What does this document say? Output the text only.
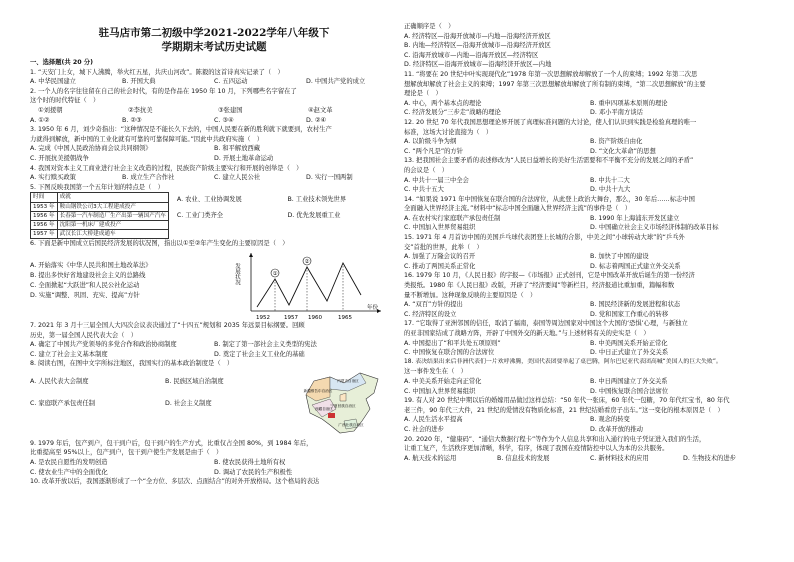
驻马店市第二初级中学2021-2022学年八年级下
学期期末考试历史试题
一、选择题(共 20 分)
1. “天安门上女，城下人沸腾，举火红五星，共庆山河改”。陈毅的这首诗真实记录了（　）
A. 中华民国建立	B. 开国大典	C. 五四运动	D. 中国共产党的成立
2. 一个人的名字往往留在自己的社会时代，有的是作品在 1950 年 10 月，下列哪些名字留在了
这个时的时代特征（　）
①刘援朝	②李抗美	③张建国	④赵文革
A. ①②	B. ②③	C. ③④	D. ②④
3. 1950 年 6 月，刘少奇指出：“这种情况是不能长久下去的，中国人民要在新的胜利就下就要到，农村生产
力就得到解放，新中国的工业化就有可靠的可靠保障可能。”因此中共政府实施（　）
A. 完成《中国人民政治协商会议共同纲领》	B. 和平解放西藏
C. 开展抗美援朝战争	D. 开展土地革命运动
4. 我国对资本主义工商业进行社会主义改造的过程，民族资产阶级主要实行和开展的创举是（　）
A. 实行赎买政策	B. 成立生产合作社	C. 建立人民公社	D. 实行一国两制
5. 下图反映我国第一个五年计划的特点是（　）
时间	成就
1953 年	鞍山钢铁公司3大工程建成投产
1956 年	长春第一汽车制造厂生产出第一辆国产汽车
1956 年	沈阳第一机床厂建成投产
1957 年	武汉长江大桥建成通车
A. 农业、工业协调发展	B. 工业技术领先世界
C. 工业门类齐全	D. 优先发展重工业
6. 下面是新中国成立后国民经济发展的状况图，指出以①至②年产生变化的主要原因是（　）
A. 开始落实《中华人民共和国土地改革法》
B. 提出多快好省地建设社会主义的总路线
C. 全面掀起“大跃进”和人民公社化运动
D. 实施“调整、巩固、充实、提高”方针
①
②
发展状况
年份
1952	1957 1960	1965
7. 2021 年 3 月十三届全国人大四次会议表决通过了“十四五”规划和 2035 年远景目标纲要。回顾
历史，第一届全国人民代表大会（　）
A. 确定了中国共产党领导的多党合作和政治协商制度	B. 制定了第一部社会主义类型的宪法
C. 建立了社会主义基本制度	D. 奠定了社会主义工业化的基础
8. 阅读右图，在图中文字所标注地区，我国实行的基本政治制度是（　）
A. 人民代表大会制度	B. 民族区域自治制度
C. 家庭联产承包责任制	D. 社会主义制度
内蒙古自治区
宁夏回族自治区
西藏自治区
广西壮族自治区
新疆维吾尔自治区
9. 1979 年后，包产到户，包干到户后，包干到户的生产方式，比重仅占全国 80%，到 1984 年后，
比重提高至 95%以上，包产到户，包干到户使生产发展是由于（　）
A. 是农民自愿性的发明创造	B. 使农民获得土地所有权
C. 使农业生产中的全面优化	D. 调动了农民的生产积极性
10. 改革开放以后，我国逐渐形成了一个“全方位、多层次、点面结合”的对外开放格局。这个格局的表达
正确顺序是（　）
A. 经济特区—沿海开放城市—内地—沿海经济开放区
B. 内地—经济特区—沿海开放城市—沿海经济开放区
C. 沿海开放城市—内地—沿海开放区—经济特区
D. 经济特区—沿海开放城市—沿海经济开放区—内地
11. “将要在 20 世纪中叶实现现代化”1978 年第一次思想解放却解放了一个人的束缚；1992 年第二次思
想解放却解放了社会主义的束缚；1997 年第三次思想解放却解放了所有制的束缚，“第二次思想解放”的主要
理论是（　）
A. 中心，两个基本点的理论	B. 重申四项基本原则的理论
C. 经济发展分“三步走”战略的理论	D. 邓小平南方谈话
12. 20 世纪 70 年代我国思想理论界开展了真理标准问题的大讨论，使人们认识到实践是检验真理的唯一
标准，这场大讨论直接为（　）
A. 以阶级斗争为纲	B. 资产阶级自由化
C. “两个凡是”的方针	D. “文化大革命”的思想
13. 把我国社会主要矛盾的表述修改为“人民日益增长的美好生活需要和不平衡不充分的发展之间的矛盾”
的会议是（　）
A. 中共十一届三中全会	B. 中共十二大
C. 中共十五大	D. 中共十九大
14. “如果说 1971 年中国恢复在联合国的合法席位，从此登上政治大舞台，那么，30 年后……标志中国
全面融入世界经济主流。”材料中“标志中国全面融入世界经济主流”的事件是（　）
A. 在农村实行家庭联产承包责任制	B. 1990 年上海浦东开发区建立
C. 中国加入世界贸易组织	D. 中国确立社会主义市场经济体制的改革目标
15. 1971 年 4 月首访中国的美国乒乓球代表团登上长城的合影，中美之间“小球转动大球”的“乒乓外
交”首批的世界，此举（　）
A. 加强了万隆会议的召开	B. 加快了中国的建设
C. 推动了两国关系正常化	D. 标志着两国正式建立外交关系
16. 1979 年 10 月，《人民日报》的字报—《市场报》正式创刊，它是中国改革开放后诞生的第一份经济
类报纸。1980 年《人民日报》改版，开辟了“经济要闻”等新栏目，经济报道比重加重，篇幅和数
量不断增加。这种现象反映的主要原因是（　）
A. “双百”方针的提出	B. 国民经济新的发展进程和状态
C. 经济特区的设立	D. 党和国家工作重心的转移
17. “它取得了亚洲邻国的信任，取消了福南，泰国等周边国家对中国这个大国的‘恐惧’心理，与新独立
的亚非国家结成了战略方阵，开辟了中国外交的新天地。”与上述材料有关的史实是（　）
A. 中国提出了“和平共处五项原则”	B. 中美两国关系开始正常化
C. 中国恢复在联合国的合法席位	D. 中日正式建立了外交关系
18. 表决结果出来后非洲代表们一片欢呼沸腾，美国代表团要举起了桌巴腾，阿尔巴尼亚代表团高喊“美国人的巨大失败”。
这一事件发生在（　）
A. 中美关系开始走向正常化	B. 中日两国建立了外交关系
C. 中国加入世界贸易组织	D. 中国恢复联合国合法席位
19. 有人对 20 世纪中期以后的婚嫁用品做过这样总结：“50 年代一张床，60 年代一包糖，70 年代红宝书，80 年代
老三件，90 年代三大件，21 世纪的爱情没有物质化标准，21 世纪结婚看房子出车。”这一变化的根本原因是（　）
A. 人民生活水平提高	B. 观念的转变
C. 社会的进步	D. 改革开放的推动
20. 2020 年，“健康码”、“通信大数据行程卡”等作为个人信息共享和出入通行的电子凭证进入我们的生活，
让重工复产，生活秩序更加清晰，科学，有序，体现了我国在疫情防控中以人为本的公共服务。
A. 航天技术的运用	B. 信息技术的发展	C. 新材料技术的应用	D. 生物技术的进步
